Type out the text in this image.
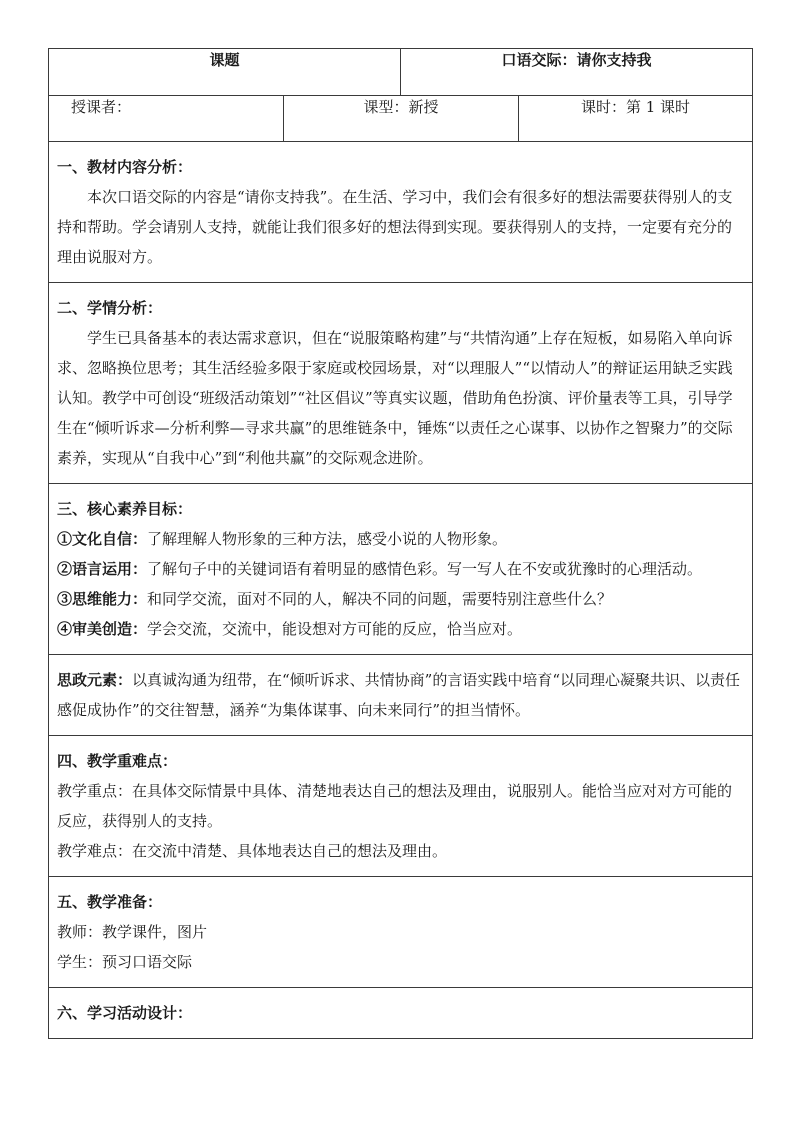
课题		口语交际：请你支持我	
授课者：	课型：新授		课时：第 1 课时

一、教材内容分析：

本次口语交际的内容是“请你支持我”。在生活、学习中，我们会有很多好的想法需要获得别人的支持和帮助。学会请别人支持，就能让我们很多好的想法得到实现。要获得别人的支持，一定要有充分的理由说服对方。			

二、学情分析：

学生已具备基本的表达需求意识，但在“说服策略构建”与“共情沟通”上存在短板，如易陷入单向诉求、忽略换位思考；其生活经验多限于家庭或校园场景，对“以理服人”“以情动人”的辩证运用缺乏实践认知。教学中可创设“班级活动策划”“社区倡议”等真实议题，借助角色扮演、评价量表等工具，引导学生在“倾听诉求—分析利弊—寻求共赢”的思维链条中，锤炼“以责任之心谋事、以协作之智聚力”的交际素养，实现从“自我中心”到“利他共赢”的交际观念进阶。			

三、核心素养目标：

①文化自信：了解理解人物形象的三种方法，感受小说的人物形象。

②语言运用：了解句子中的关键词语有着明显的感情色彩。写一写人在不安或犹豫时的心理活动。

③思维能力：和同学交流，面对不同的人，解决不同的问题，需要特别注意些什么？

④审美创造：学会交流，交流中，能设想对方可能的反应，恰当应对。			

思政元素：以真诚沟通为纽带，在“倾听诉求、共情协商”的言语实践中培育“以同理心凝聚共识、以责任感促成协作”的交往智慧，涵养“为集体谋事、向未来同行”的担当情怀。			

四、教学重难点：

教学重点：在具体交际情景中具体、清楚地表达自己的想法及理由，说服别人。能恰当应对对方可能的反应，获得别人的支持。

教学难点：在交流中清楚、具体地表达自己的想法及理由。			

五、教学准备：

教师：教学课件，图片

学生：预习口语交际			

六、学习活动设计：			
